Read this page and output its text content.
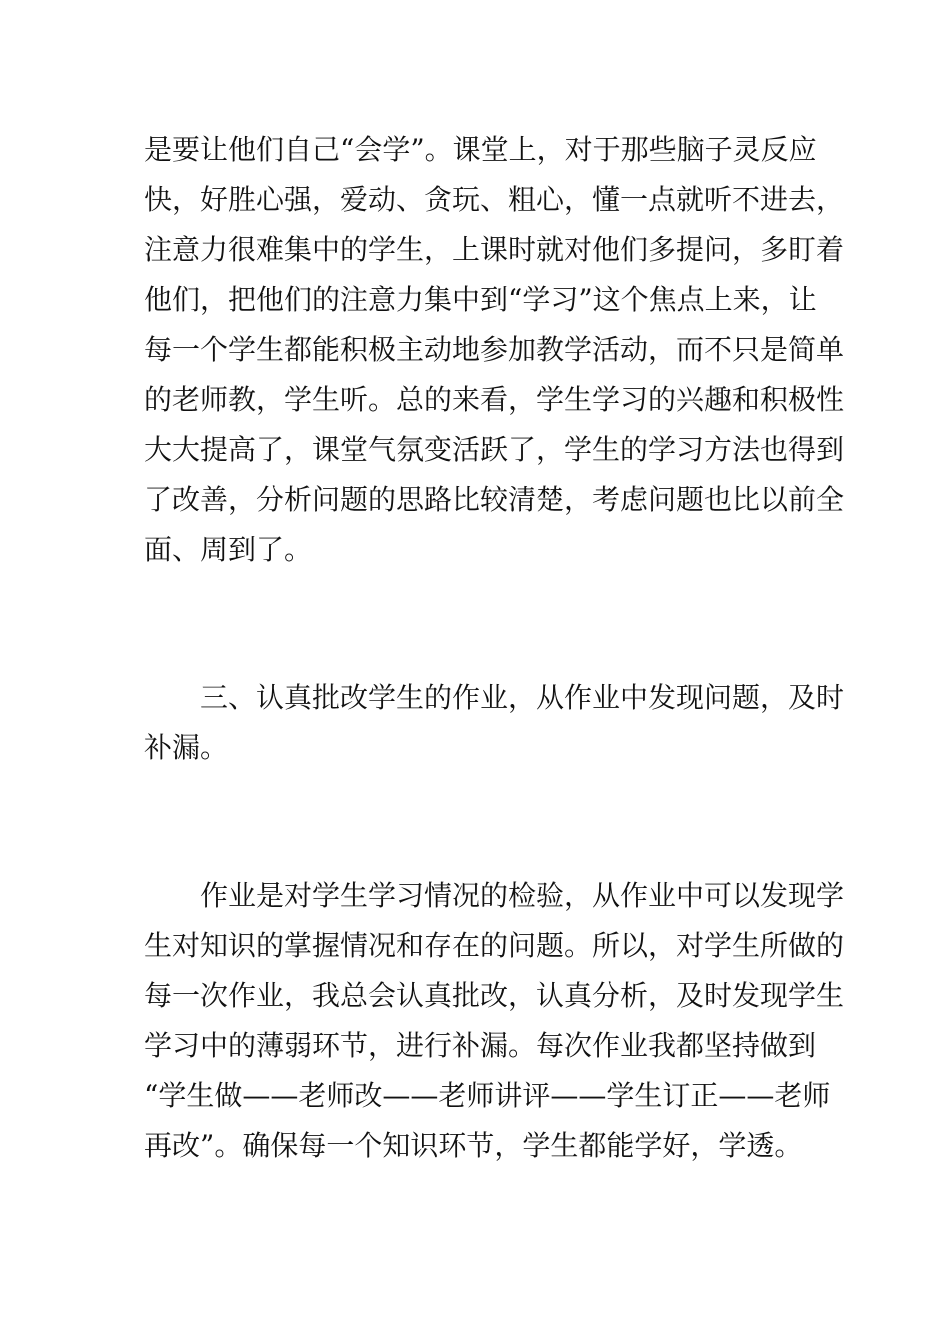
是要让他们自己“会学”。课堂上，对于那些脑子灵反应
快，好胜心强，爱动、贪玩、粗心，懂一点就听不进去，
注意力很难集中的学生，上课时就对他们多提问，多盯着
他们，把他们的注意力集中到“学习”这个焦点上来，让
每一个学生都能积极主动地参加教学活动，而不只是简单
的老师教，学生听。总的来看，学生学习的兴趣和积极性
大大提高了，课堂气氛变活跃了，学生的学习方法也得到
了改善，分析问题的思路比较清楚，考虑问题也比以前全
面、周到了。
三、认真批改学生的作业，从作业中发现问题，及时
补漏。
作业是对学生学习情况的检验，从作业中可以发现学
生对知识的掌握情况和存在的问题。所以，对学生所做的
每一次作业，我总会认真批改，认真分析，及时发现学生
学习中的薄弱环节，进行补漏。每次作业我都坚持做到
“学生做——老师改——老师讲评——学生订正——老师
再改”。确保每一个知识环节，学生都能学好，学透。
